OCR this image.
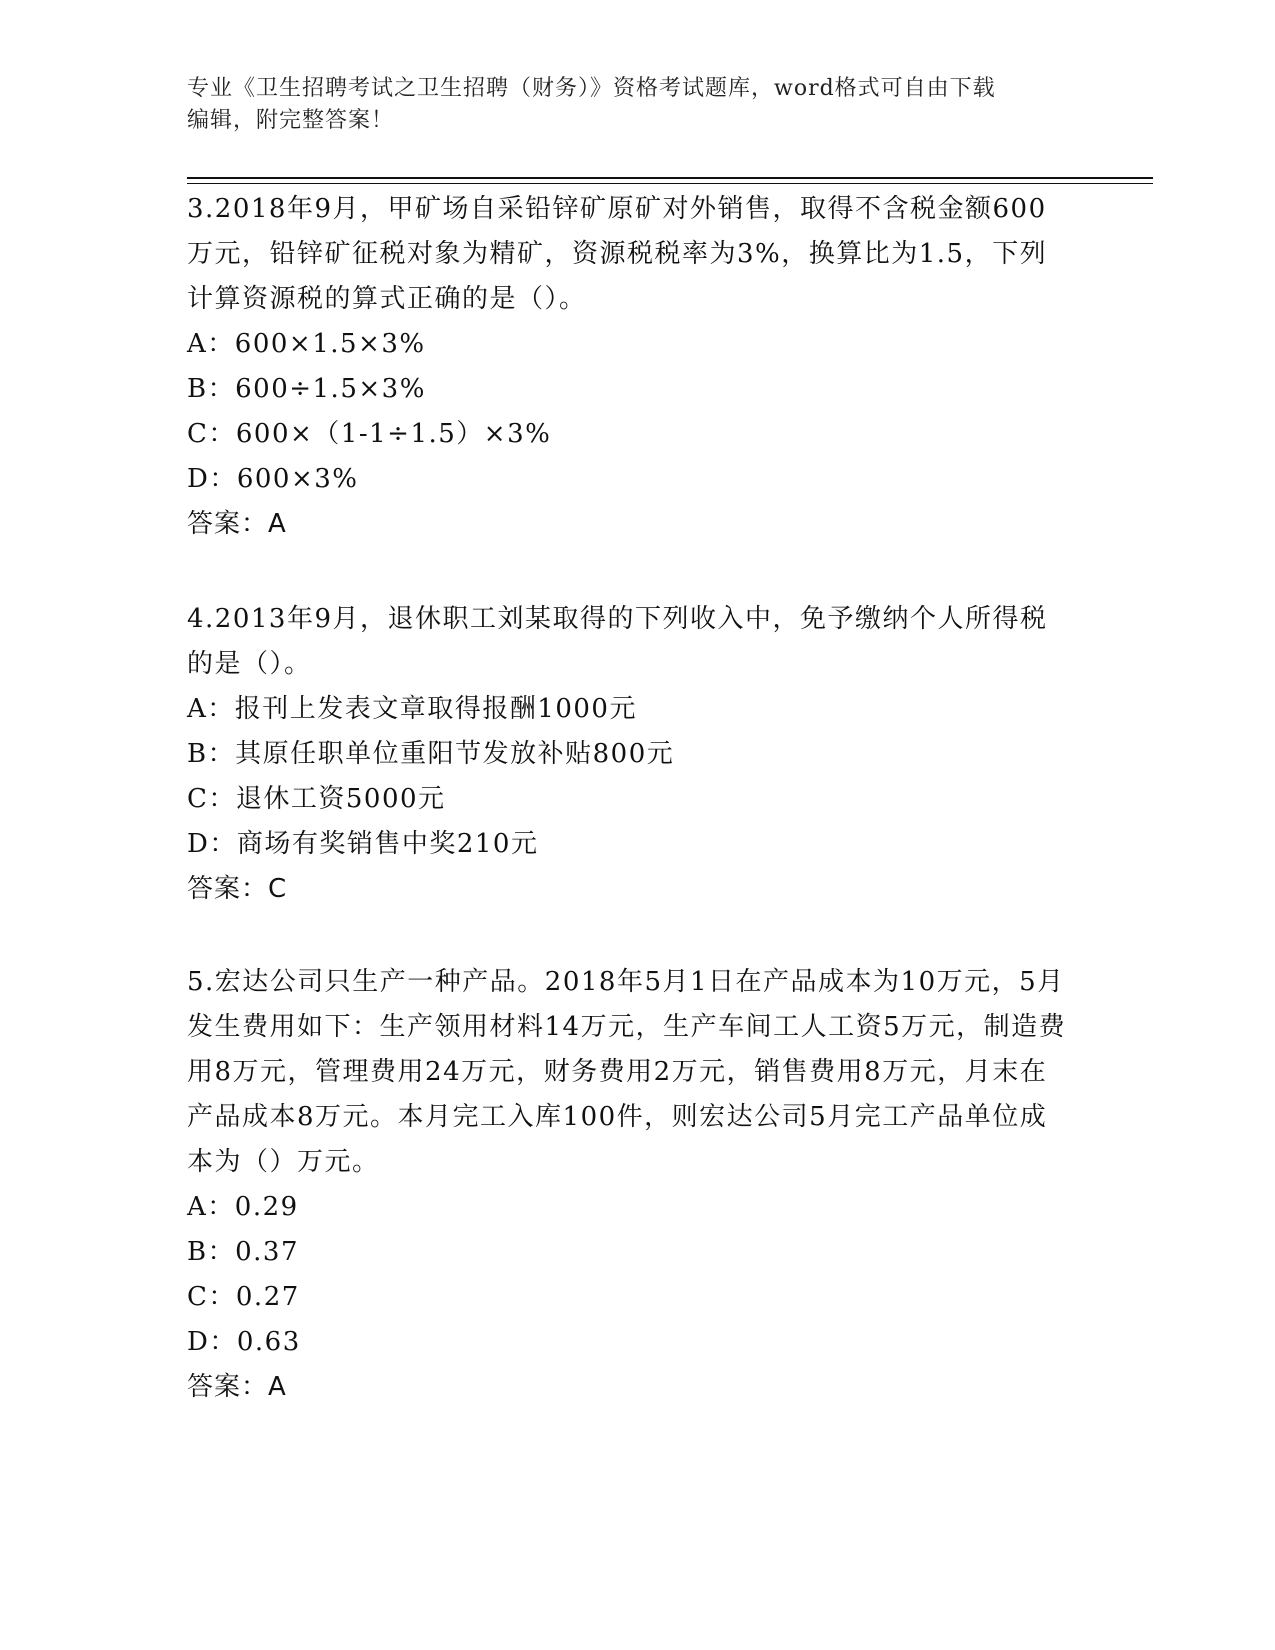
专业《卫生招聘考试之卫生招聘（财务）》资格考试题库，word格式可自由下载
编辑，附完整答案！

3.2018年9月，甲矿场自采铅锌矿原矿对外销售，取得不含税金额600万元，铅锌矿征税对象为精矿，资源税税率为3%，换算比为1.5，下列计算资源税的算式正确的是（）。

A：600×1.5×3%
B：600÷1.5×3%
C：600×（1-1÷1.5）×3%
D：600×3%
答案：A

4.2013年9月，退休职工刘某取得的下列收入中，免予缴纳个人所得税的是（）。

A：报刊上发表文章取得报酬1000元
B：其原任职单位重阳节发放补贴800元
C：退休工资5000元
D：商场有奖销售中奖210元
答案：C

5.宏达公司只生产一种产品。2018年5月1日在产品成本为10万元，5月发生费用如下：生产领用材料14万元，生产车间工人工资5万元，制造费用8万元，管理费用24万元，财务费用2万元，销售费用8万元，月末在产品成本8万元。本月完工入库100件，则宏达公司5月完工产品单位成本为（）万元。

A：0.29
B：0.37
C：0.27
D：0.63
答案：A
